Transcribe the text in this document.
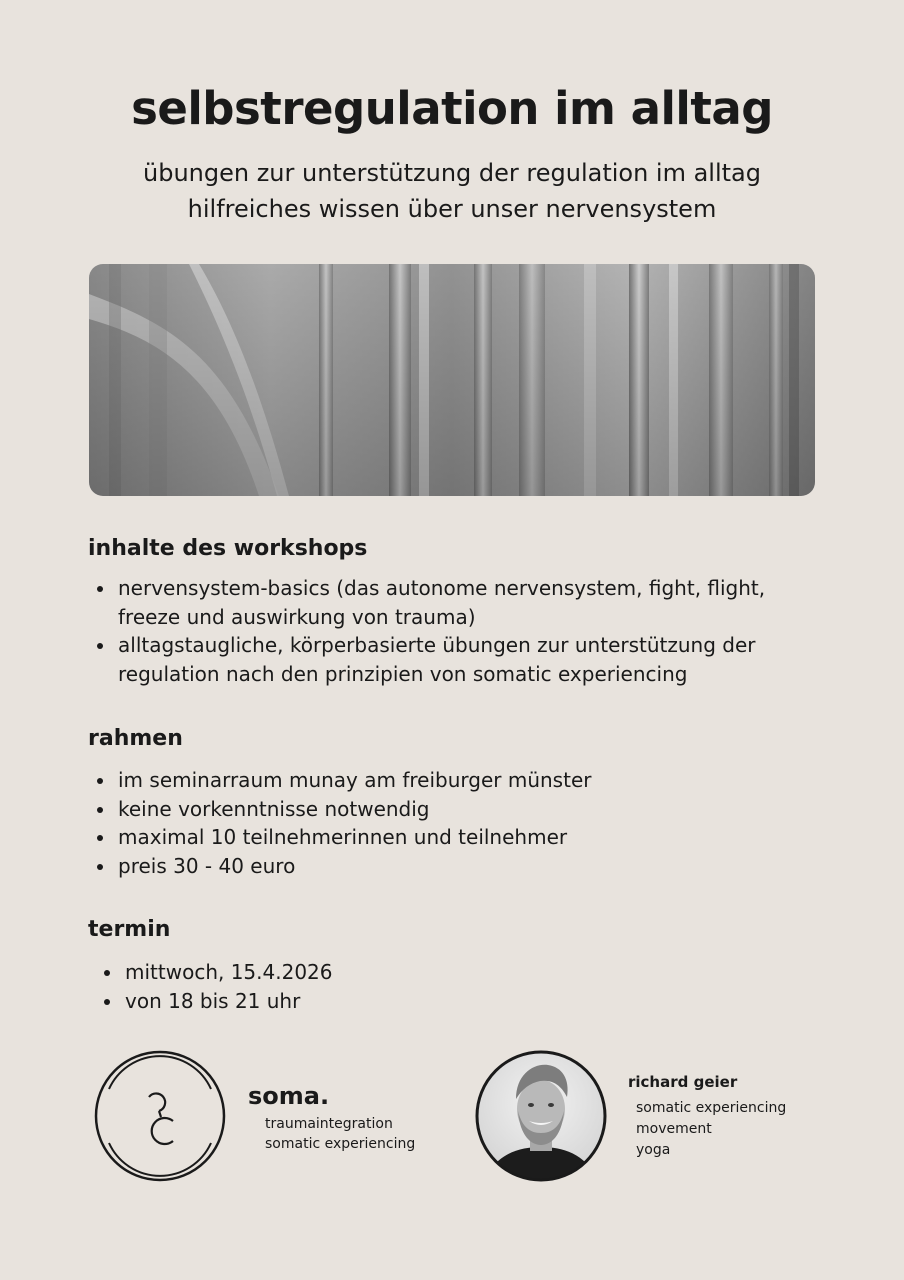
selbstregulation im alltag
übungen zur unterstützung der regulation im alltag
hilfreiches wissen über unser nervensystem
inhalte des workshops
nervensystem-basics (das autonome nervensystem, fight, flight, freeze und auswirkung von trauma)
alltagstaugliche, körperbasierte übungen zur unterstützung der regulation nach den prinzipien von somatic experiencing
rahmen
im seminarraum munay am freiburger münster
keine vorkenntnisse notwendig
maximal 10 teilnehmerinnen und teilnehmer
preis 30 - 40 euro
termin
mittwoch, 15.4.2026
von 18 bis 21 uhr
soma.
traumaintegration
somatic experiencing
richard geier
somatic experiencing
movement
yoga
